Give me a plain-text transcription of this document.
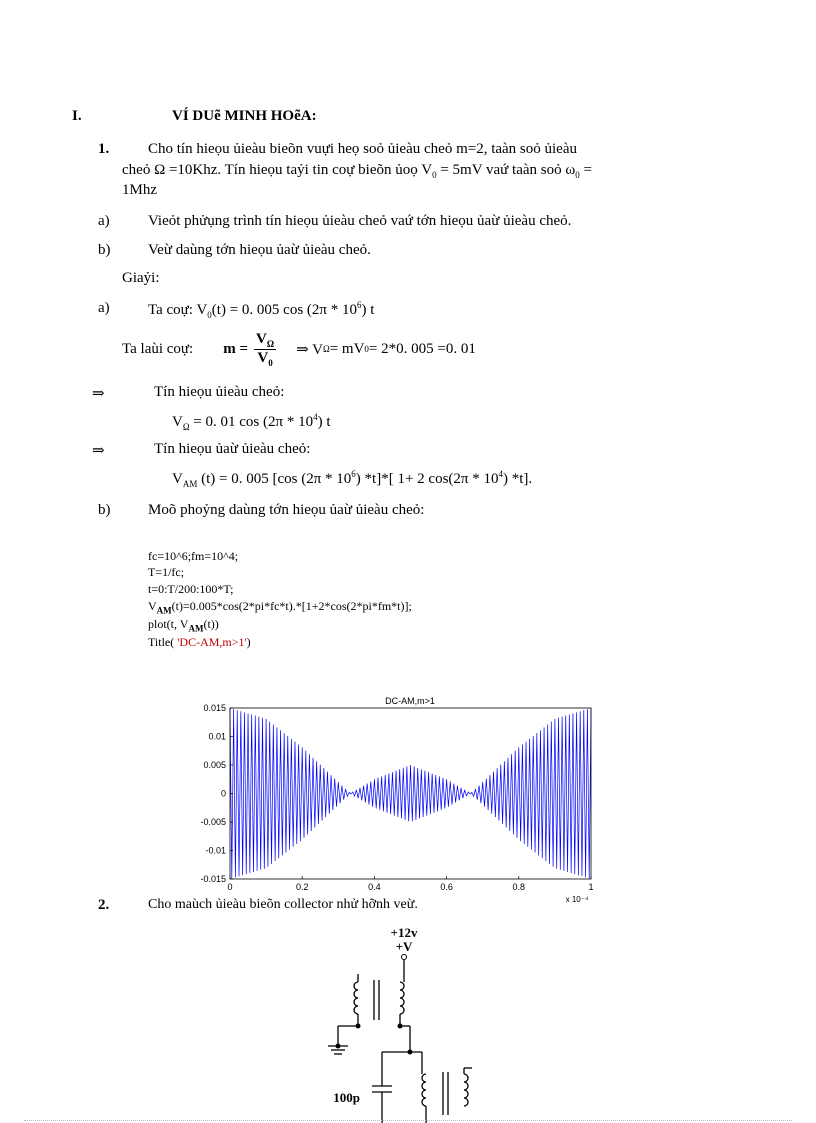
I.	VÍ DUẽ MINH HOẽA:
1.	Cho tín hieọu ủieàu bieõn vuựi heọ soỏ ủieàu cheỏ m=2, taàn soỏ ủieàu
cheỏ Ω =10Khz. Tín hieọu taỷi tin coự bieõn ủoọ $V_0 = 5mV$ vaứ taàn soỏ $\omega_0$ =
1Mhz
a)	Vieỏt phửụng trình tín hieọu ủieàu cheỏ vaứ tớn hieọu ủaừ ủieàu cheỏ.
b)	Veừ daùng tớn hieọu ủaừ ủieàu cheỏ.
Giaỷi:
a)	Ta coự: $V_0(t) = 0$. 005 $\cos (2\pi * 10^6)$ t
Ta laùi coự: $m = \frac{V_\Omega}{V_0}$ ⇒ V Ω = mV 0 = 2*0. 005 =0. 01
⇒	Tín hieọu ủieàu cheỏ:
$V_\Omega = 0$. 01 $\cos (2\pi * 10^4)$ t
⇒	Tín hieọu ủaừ ủieàu cheỏ:
$V_{AM}$ (t) = 0. 005 [cos $(2\pi * 10^6)$ *t]*[ 1+ 2 $\cos(2\pi * 10^4)$ *t].
b)	Moõ phoỷng daùng tớn hieọu ủaừ ủieàu cheỏ:
fc=10^6;fm=10^4;
T=1/fc;
t=0:T/200:100*T;
$V_{AM}(t)=0.005*\cos(2*pi*fc*t).*[1+2*\cos(2*pi*fm*t)]$;
plot(t, $V_{AM}(t)$)
Title( 'DC-AM,m>1')
DC-AM,m>1
0.015
0.01
0.005
0
-0.005
-0.01
-0.015
0	0.2	0.4	0.6	0.8	1
x 10⁻⁴
2.	Cho maùch ủieàu bieõn collector nhử hỡnh veừ.
+12v
+V
100p
